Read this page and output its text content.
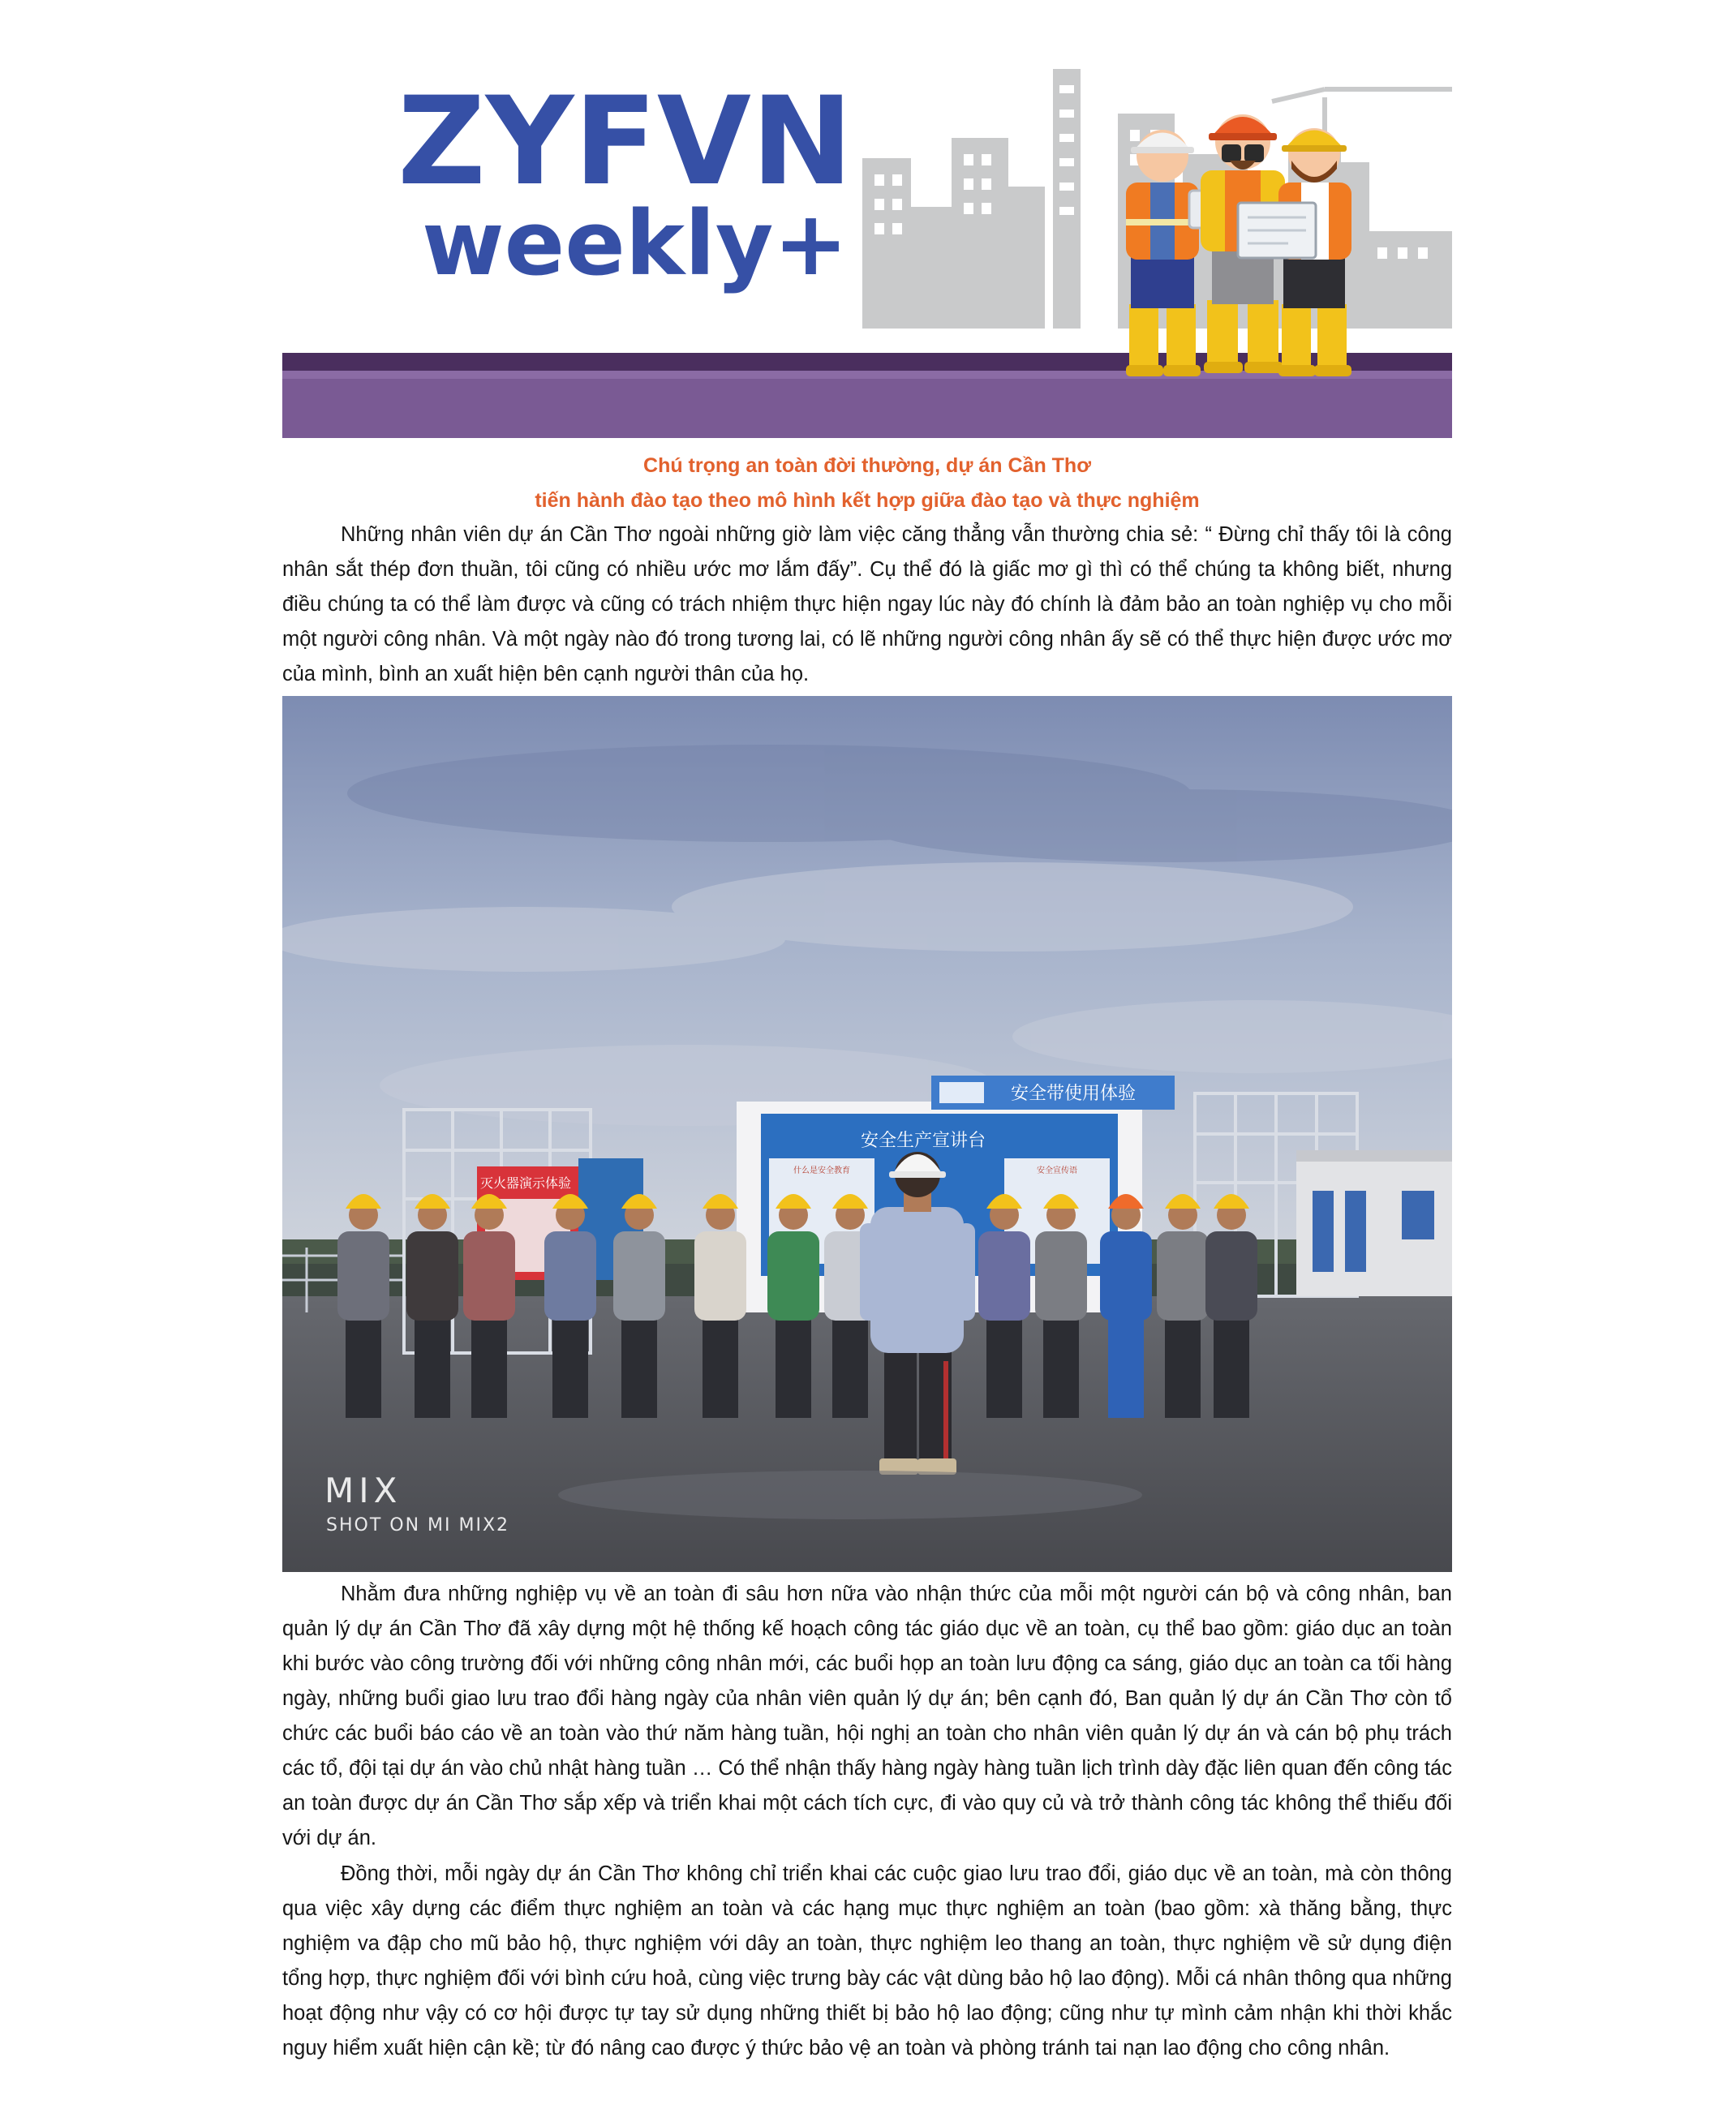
ZYFVN
weekly+
Chú trọng an toàn đời thường, dự án Cần Thơ
tiến hành đào tạo theo mô hình kết hợp giữa đào tạo và thực nghiệm

Những nhân viên dự án Cần Thơ ngoài những giờ làm việc căng thẳng vẫn thường chia sẻ: “ Đừng chỉ thấy tôi là công nhân sắt thép đơn thuần, tôi cũng có nhiều ước mơ lắm đấy”. Cụ thể đó là giấc mơ gì thì có thể chúng ta không biết, nhưng điều chúng ta có thể làm được và cũng có trách nhiệm thực hiện ngay lúc này đó chính là đảm bảo an toàn nghiệp vụ cho mỗi một người công nhân. Và một ngày nào đó trong tương lai, có lẽ những người công nhân ấy sẽ có thể thực hiện được ước mơ của mình, bình an xuất hiện bên cạnh người thân của họ.

灭火器演示体验
安全生产宣讲台
什么是安全教育	安全宣传语
安全带使用体验
MIX
SHOT ON MI MIX2

Nhằm đưa những nghiệp vụ về an toàn đi sâu hơn nữa vào nhận thức của mỗi một người cán bộ và công nhân, ban quản lý dự án Cần Thơ đã xây dựng một hệ thống kế hoạch công tác giáo dục về an toàn, cụ thể bao gồm: giáo dục an toàn khi bước vào công trường đối với những công nhân mới, các buổi họp an toàn lưu động ca sáng, giáo dục an toàn ca tối hàng ngày, những buổi giao lưu trao đổi hàng ngày của nhân viên quản lý dự án; bên cạnh đó, Ban quản lý dự án Cần Thơ còn tổ chức các buổi báo cáo về an toàn vào thứ năm hàng tuần, hội nghị an toàn cho nhân viên quản lý dự án và cán bộ phụ trách các tổ, đội tại dự án vào chủ nhật hàng tuần … Có thể nhận thấy hàng ngày hàng tuần lịch trình dày đặc liên quan đến công tác an toàn được dự án Cần Thơ sắp xếp và triển khai một cách tích cực, đi vào quy củ và trở thành công tác không thể thiếu đối với dự án.

Đồng thời, mỗi ngày dự án Cần Thơ không chỉ triển khai các cuộc giao lưu trao đổi, giáo dục về an toàn, mà còn thông qua việc xây dựng các điểm thực nghiệm an toàn và các hạng mục thực nghiệm an toàn (bao gồm: xà thăng bằng, thực nghiệm va đập cho mũ bảo hộ, thực nghiệm với dây an toàn, thực nghiệm leo thang an toàn, thực nghiệm về sử dụng điện tổng hợp, thực nghiệm đối với bình cứu hoả, cùng việc trưng bày các vật dùng bảo hộ lao động). Mỗi cá nhân thông qua những hoạt động như vậy có cơ hội được tự tay sử dụng những thiết bị bảo hộ lao động; cũng như tự mình cảm nhận khi thời khắc nguy hiểm xuất hiện cận kề; từ đó nâng cao được ý thức bảo vệ an toàn và phòng tránh tai nạn lao động cho công nhân.
